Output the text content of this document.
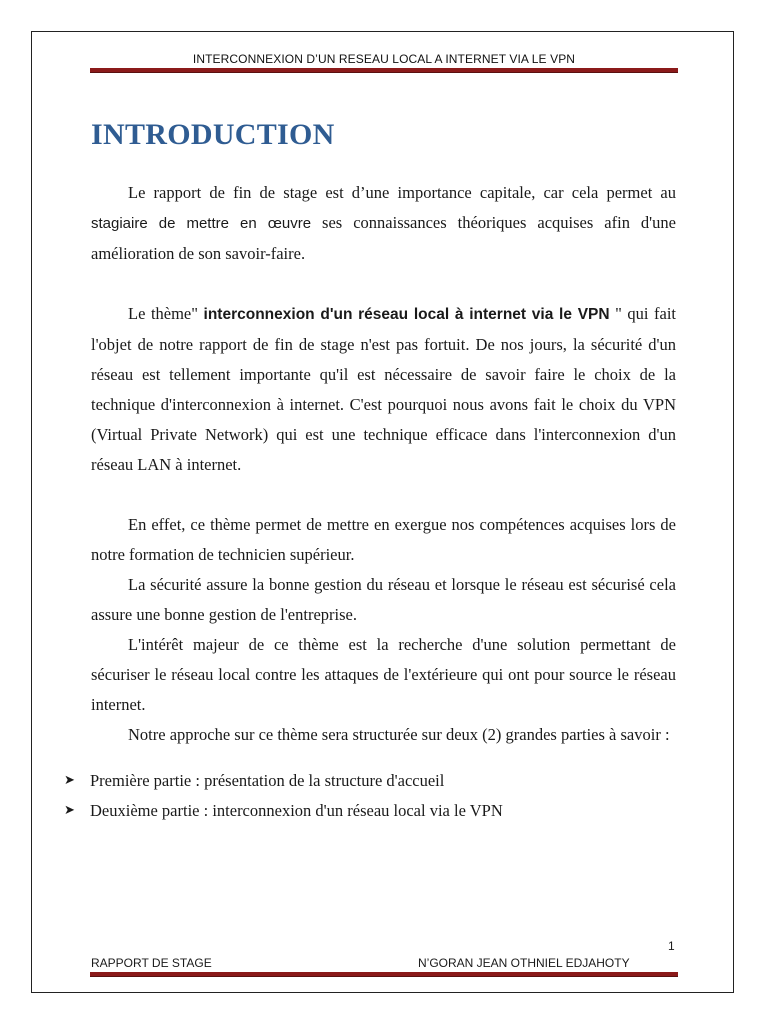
INTERCONNEXION D’UN RESEAU LOCAL A INTERNET VIA LE VPN
INTRODUCTION

Le rapport de fin de stage est d’une importance capitale, car cela permet au stagiaire de mettre en œuvre ses connaissances théoriques acquises afin d'une amélioration de son savoir-faire.

Le thème" interconnexion d'un réseau local à internet via le VPN " qui fait l'objet de notre rapport de fin de stage n'est pas fortuit. De nos jours, la sécurité d'un réseau est tellement importante qu'il est nécessaire de savoir faire le choix de la technique d'interconnexion à internet. C'est pourquoi nous avons fait le choix du VPN (Virtual Private Network) qui est une technique efficace dans l'interconnexion d'un réseau LAN à internet.

En effet, ce thème permet de mettre en exergue nos compétences acquises lors de notre formation de technicien supérieur.

La sécurité assure la bonne gestion du réseau et lorsque le réseau est sécurisé cela assure une bonne gestion de l'entreprise.

L'intérêt majeur de ce thème est la recherche d'une solution permettant de sécuriser le réseau local contre les attaques de l'extérieure qui ont pour source le réseau internet.

Notre approche sur ce thème sera structurée sur deux (2) grandes parties à savoir :

➤ Première partie : présentation de la structure d'accueil
➤ Deuxième partie : interconnexion d'un réseau local via le VPN
1
RAPPORT DE STAGE	N’GORAN JEAN OTHNIEL EDJAHOTY
